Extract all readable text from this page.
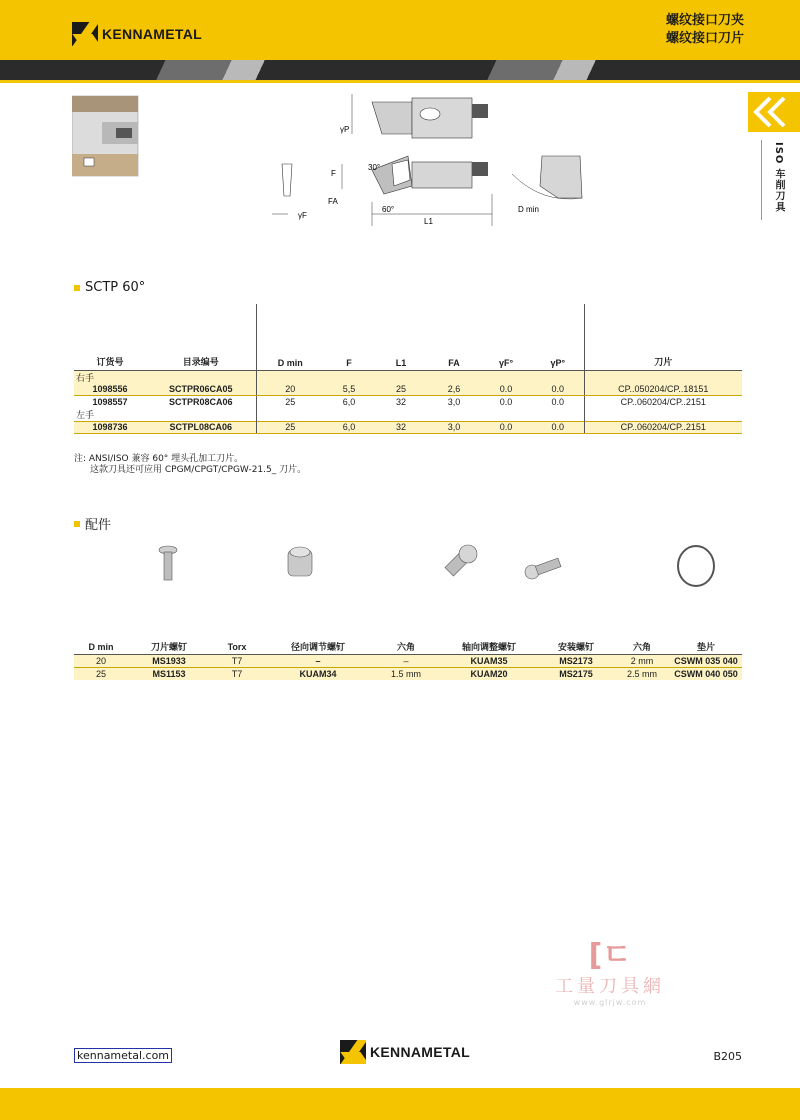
KENNAMETAL
螺纹接口刀夹
螺纹接口刀片
ISO 车削刀具
γP
F
FA
30°
60°
L1
γF
D min
SCTP 60°
订货号	目录编号	D min	F	L1	FA	γF°	γP°	刀片
右手								
1098556	SCTPR06CA05	20	5,5	25	2,6	0.0	0.0	CP..050204/CP..18151
1098557	SCTPR08CA06	25	6,0	32	3,0	0.0	0.0	CP..060204/CP..2151
左手								
1098736	SCTPL08CA06	25	6,0	32	3,0	0.0	0.0	CP..060204/CP..2151
注: ANSI/ISO 兼容 60° 埋头孔加工刀片。
这款刀具还可应用 CPGM/CPGT/CPGW-21.5_ 刀片。
配件
D min	刀片螺钉	Torx	径向调节螺钉	六角	轴向调整螺钉	安装螺钉	六角	垫片
20	MS1933	T7	–	–	KUAM35	MS2173	2 mm	CSWM 035 040
25	MS1153	T7	KUAM34	1.5 mm	KUAM20	MS2175	2.5 mm	CSWM 040 050
[ㄷ
工量刀具網
www.glrjw.com
kennametal.com	KENNAMETAL	B205
